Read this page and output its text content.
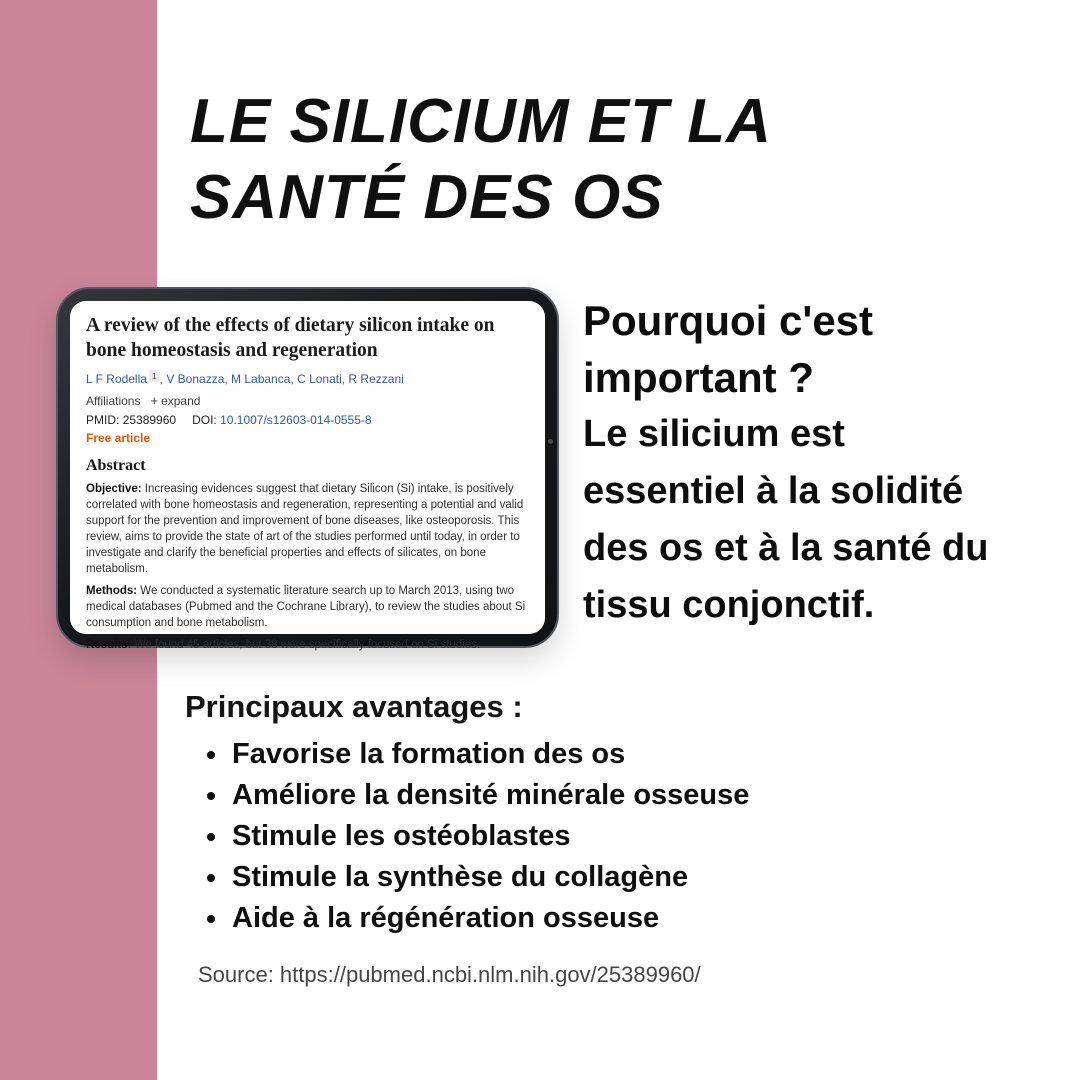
LE SILICIUM ET LA
SANTÉ DES OS
A review of the effects of dietary silicon intake on bone homeostasis and regeneration
L F Rodella 1 , V Bonazza, M Labanca, C Lonati, R Rezzani
Affiliations + expand
PMID: 25389960 DOI: 10.1007/s12603-014-0555-8
Free article
Abstract
Objective: Increasing evidences suggest that dietary Silicon (Si) intake, is positively correlated with bone homeostasis and regeneration, representing a potential and valid support for the prevention and improvement of bone diseases, like osteoporosis. This review, aims to provide the state of art of the studies performed until today, in order to investigate and clarify the beneficial properties and effects of silicates, on bone metabolism.
Methods: We conducted a systematic literature search up to March 2013, using two medical databases (Pubmed and the Cochrane Library), to review the studies about Si consumption and bone metabolism.
Results: We found 45 articles, but 38 were specifically focused on Si studies.
Pourquoi c'est
important ?
Le silicium est
essentiel à la solidité
des os et à la santé du
tissu conjonctif.
Principaux avantages :
Favorise la formation des os
Améliore la densité minérale osseuse
Stimule les ostéoblastes
Stimule la synthèse du collagène
Aide à la régénération osseuse
Source: https://pubmed.ncbi.nlm.nih.gov/25389960/
